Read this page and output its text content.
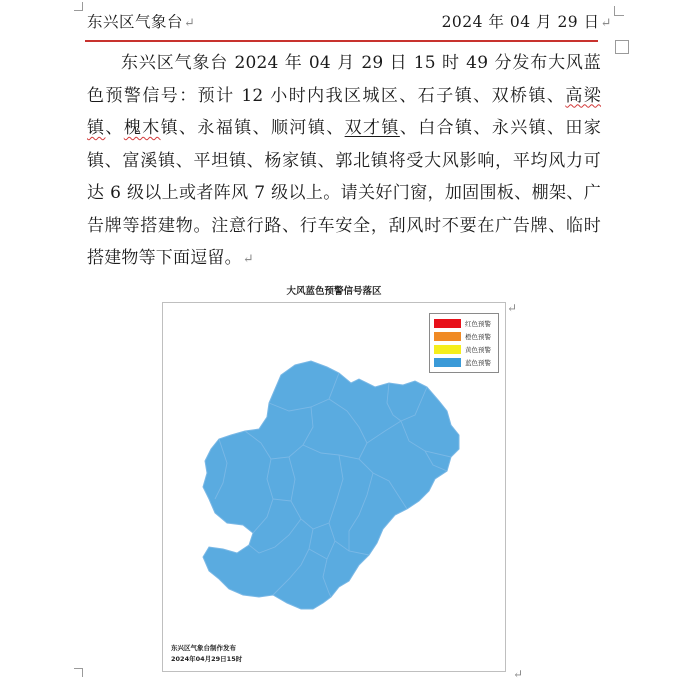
东兴区气象台↵	2024 年 04 月 29 日↵

东兴区气象台 2024 年 04 月 29 日 15 时 49 分发布大风蓝色预警信号：预计 12 小时内我区城区、石子镇、双桥镇、高梁镇、槐木镇、永福镇、顺河镇、双才镇、白合镇、永兴镇、田家镇、富溪镇、平坦镇、杨家镇、郭北镇将受大风影响，平均风力可达 6 级以上或者阵风 7 级以上。请关好门窗，加固围板、棚架、广告牌等搭建物。注意行路、行车安全，刮风时不要在广告牌、临时搭建物等下面逗留。↵

大风蓝色预警信号落区
红色预警
橙色预警
黄色预警
蓝色预警
东兴区气象台制作发布
2024年04月29日15时
↵
↵
